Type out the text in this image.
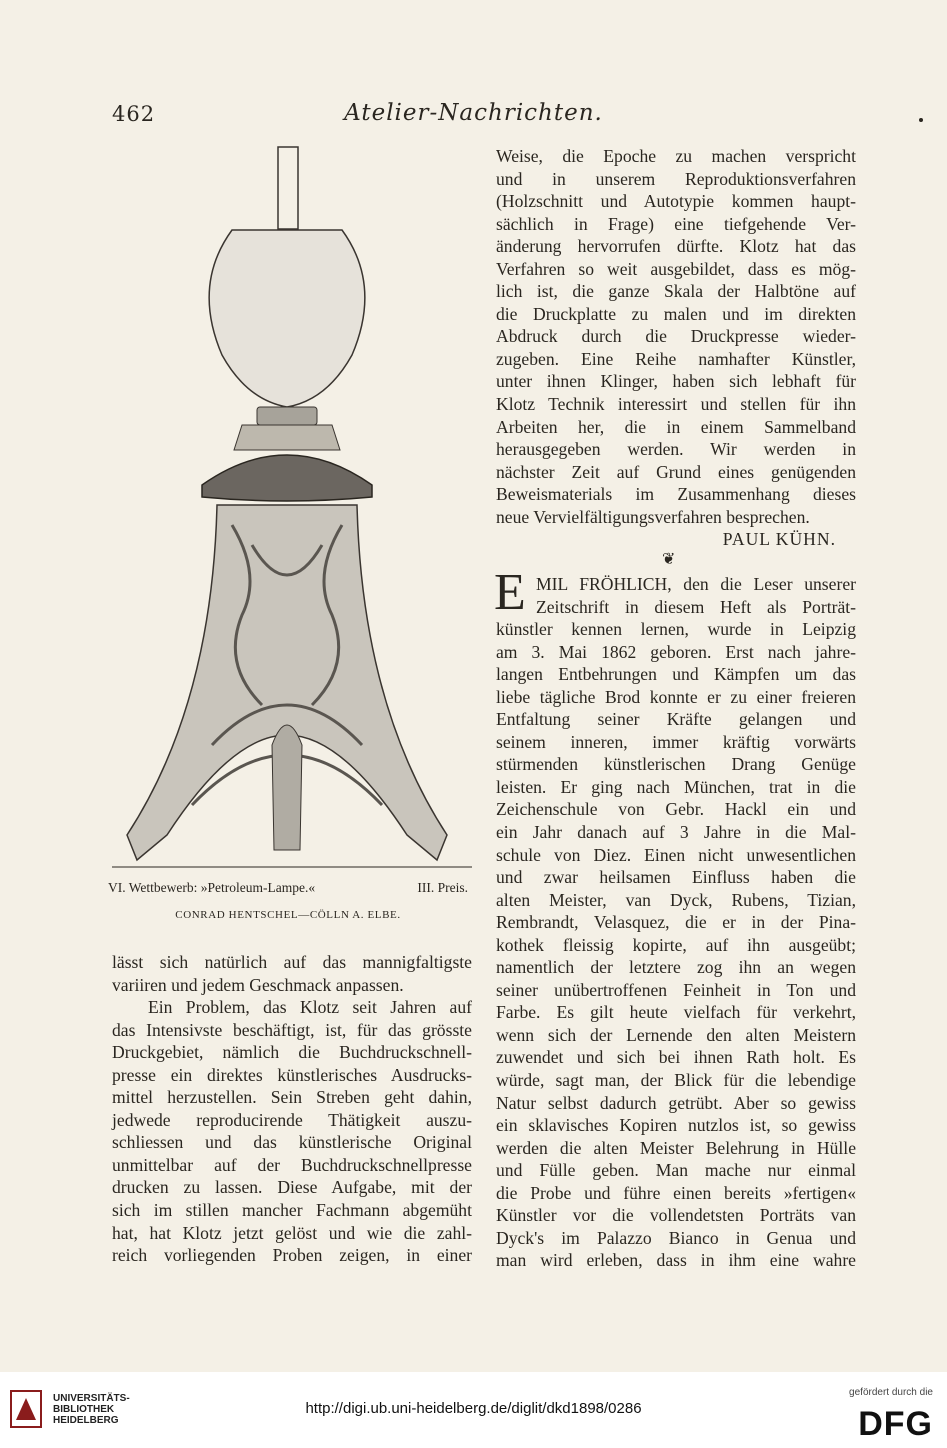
462	Atelier-Nachrichten.
VI. Wettbewerb: »Petroleum-Lampe.«	III. Preis.
CONRAD HENTSCHEL—CÖLLN A. ELBE.
Weise, die Epoche zu machen verspricht
und in unserem Reproduktionsverfahren
(Holzschnitt und Autotypie kommen haupt-
sächlich in Frage) eine tiefgehende Ver-
änderung hervorrufen dürfte. Klotz hat das
Verfahren so weit ausgebildet, dass es mög-
lich ist, die ganze Skala der Halbtöne auf
die Druckplatte zu malen und im direkten
Abdruck durch die Druckpresse wieder-
zugeben. Eine Reihe namhafter Künstler,
unter ihnen Klinger, haben sich lebhaft für
Klotz Technik interessirt und stellen für ihn
Arbeiten her, die in einem Sammelband
herausgegeben werden. Wir werden in
nächster Zeit auf Grund eines genügenden
Beweismaterials im Zusammenhang dieses
neue Vervielfältigungsverfahren besprechen.
PAUL KÜHN.
❦
E MIL FRÖHLICH, den die Leser unserer
Zeitschrift in diesem Heft als Porträt-
künstler kennen lernen, wurde in Leipzig
am 3. Mai 1862 geboren. Erst nach jahre-
langen Entbehrungen und Kämpfen um das
liebe tägliche Brod konnte er zu einer freieren
Entfaltung seiner Kräfte gelangen und
seinem inneren, immer kräftig vorwärts
stürmenden künstlerischen Drang Genüge
leisten. Er ging nach München, trat in die
Zeichenschule von Gebr. Hackl ein und
ein Jahr danach auf 3 Jahre in die Mal-
schule von Diez. Einen nicht unwesentlichen
und zwar heilsamen Einfluss haben die
alten Meister, van Dyck, Rubens, Tizian,
Rembrandt, Velasquez, die er in der Pina-
kothek fleissig kopirte, auf ihn ausgeübt;
namentlich der letztere zog ihn an wegen
seiner unübertroffenen Feinheit in Ton und
Farbe. Es gilt heute vielfach für verkehrt,
wenn sich der Lernende den alten Meistern
zuwendet und sich bei ihnen Rath holt. Es
würde, sagt man, der Blick für die lebendige
Natur selbst dadurch getrübt. Aber so gewiss
ein sklavisches Kopiren nutzlos ist, so gewiss
werden die alten Meister Belehrung in Hülle
und Fülle geben. Man mache nur einmal
die Probe und führe einen bereits »fertigen«
Künstler vor die vollendetsten Porträts van
Dyck's im Palazzo Bianco in Genua und
man wird erleben, dass in ihm eine wahre
lässt sich natürlich auf das mannigfaltigste
variiren und jedem Geschmack anpassen.
Ein Problem, das Klotz seit Jahren auf
das Intensivste beschäftigt, ist, für das grösste
Druckgebiet, nämlich die Buchdruckschnell-
presse ein direktes künstlerisches Ausdrucks-
mittel herzustellen. Sein Streben geht dahin,
jedwede reproducirende Thätigkeit auszu-
schliessen und das künstlerische Original
unmittelbar auf der Buchdruckschnellpresse
drucken zu lassen. Diese Aufgabe, mit der
sich im stillen mancher Fachmann abgemüht
hat, hat Klotz jetzt gelöst und wie die zahl-
reich vorliegenden Proben zeigen, in einer
UNIVERSITÄTS-
BIBLIOTHEK
HEIDELBERG
http://digi.ub.uni-heidelberg.de/diglit/dkd1898/0286
gefördert durch die
DFG
